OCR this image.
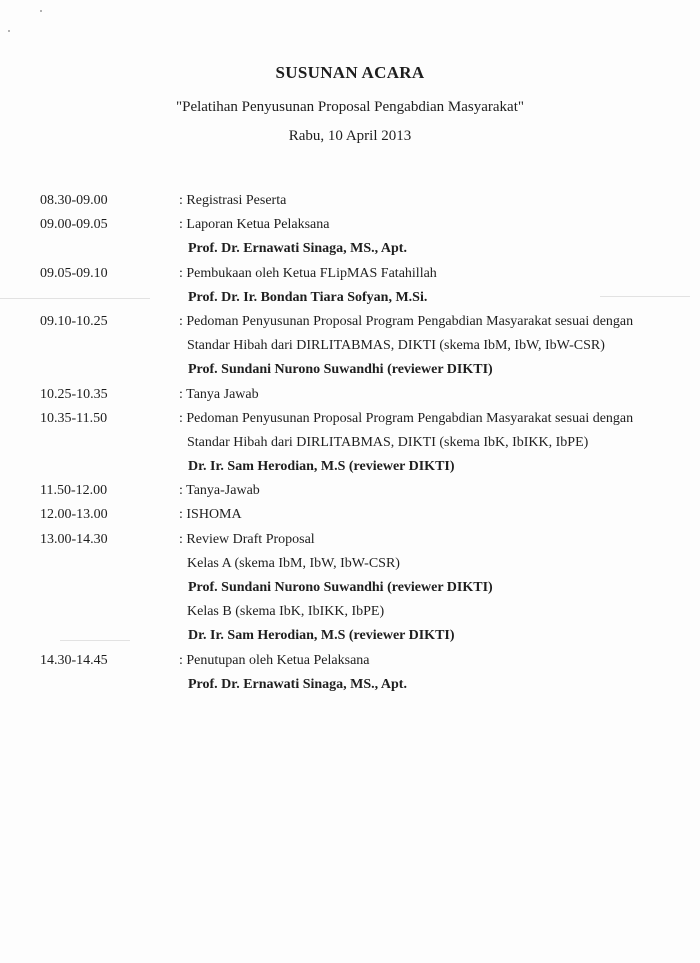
SUSUNAN ACARA
"Pelatihan Penyusunan Proposal Pengabdian Masyarakat"
Rabu, 10 April 2013
08.30-09.00	: Registrasi Peserta
09.00-09.05	: Laporan Ketua Pelaksana
Prof. Dr. Ernawati Sinaga, MS., Apt.
09.05-09.10	: Pembukaan oleh Ketua FLipMAS Fatahillah
Prof. Dr. Ir. Bondan Tiara Sofyan, M.Si.
09.10-10.25	: Pedoman Penyusunan Proposal Program Pengabdian Masyarakat sesuai dengan
Standar Hibah dari DIRLITABMAS, DIKTI (skema IbM, IbW, IbW-CSR)
Prof. Sundani Nurono Suwandhi (reviewer DIKTI)
10.25-10.35	: Tanya Jawab
10.35-11.50	: Pedoman Penyusunan Proposal Program Pengabdian Masyarakat sesuai dengan
Standar Hibah dari DIRLITABMAS, DIKTI (skema IbK, IbIKK, IbPE)
Dr. Ir. Sam Herodian, M.S (reviewer DIKTI)
11.50-12.00	: Tanya-Jawab
12.00-13.00	: ISHOMA
13.00-14.30	: Review Draft Proposal
Kelas A (skema IbM, IbW, IbW-CSR)
Prof. Sundani Nurono Suwandhi (reviewer DIKTI)
Kelas B (skema IbK, IbIKK, IbPE)
Dr. Ir. Sam Herodian, M.S (reviewer DIKTI)
14.30-14.45	: Penutupan oleh Ketua Pelaksana
Prof. Dr. Ernawati Sinaga, MS., Apt.
